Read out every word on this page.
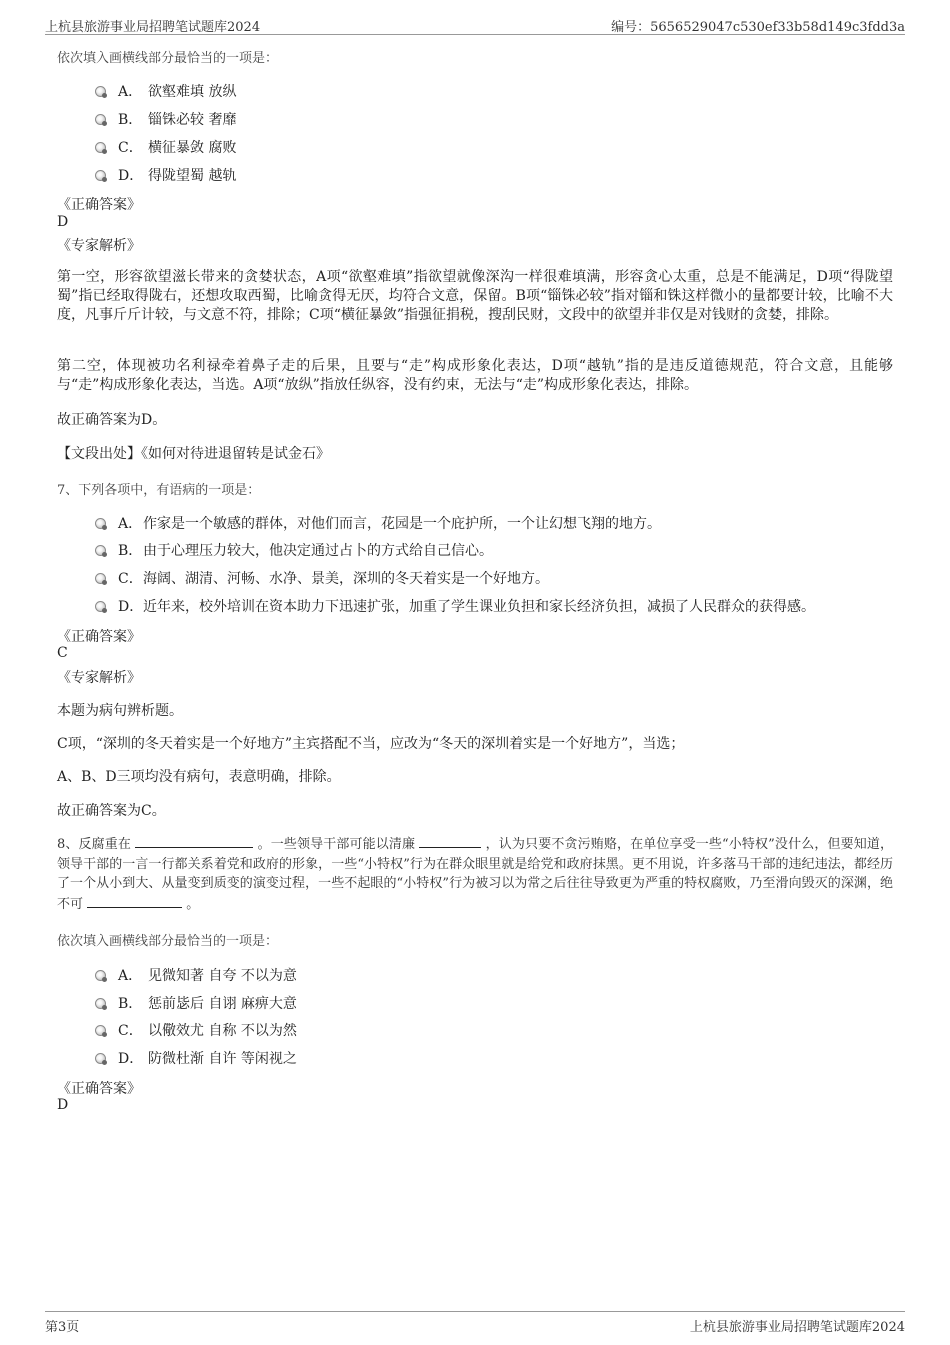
上杭县旅游事业局招聘笔试题库2024	编号：5656529047c530ef33b58d149c3fdd3a
依次填入画横线部分最恰当的一项是：
A． 欲壑难填 放纵
B． 锱铢必较 奢靡
C． 横征暴敛 腐败
D． 得陇望蜀 越轨
《正确答案》
D
《专家解析》
第一空，形容欲望滋长带来的贪婪状态，A项“欲壑难填”指欲望就像深沟一样很难填满，形容贪心太重，总是不能满足，D项“得陇望蜀”指已经取得陇右，还想攻取西蜀，比喻贪得无厌，均符合文意，保留。B项“锱铢必较”指对锱和铢这样微小的量都要计较，比喻不大度，凡事斤斤计较，与文意不符，排除；C项“横征暴敛”指强征捐税，搜刮民财，文段中的欲望并非仅是对钱财的贪婪，排除。
第二空，体现被功名利禄牵着鼻子走的后果，且要与“走”构成形象化表达，D项“越轨”指的是违反道德规范，符合文意，且能够与“走”构成形象化表达，当选。A项“放纵”指放任纵容，没有约束，无法与“走”构成形象化表达，排除。
故正确答案为D。
【文段出处】《如何对待进退留转是试金石》
7、下列各项中，有语病的一项是：
A． 作家是一个敏感的群体，对他们而言，花园是一个庇护所，一个让幻想飞翔的地方。
B． 由于心理压力较大，他决定通过占卜的方式给自己信心。
C． 海阔、湖清、河畅、水净、景美，深圳的冬天着实是一个好地方。
D． 近年来，校外培训在资本助力下迅速扩张，加重了学生课业负担和家长经济负担，减损了人民群众的获得感。
《正确答案》
C
《专家解析》
本题为病句辨析题。
C项，“深圳的冬天着实是一个好地方”主宾搭配不当，应改为“冬天的深圳着实是一个好地方”，当选；
A、B、D三项均没有病句，表意明确，排除。
故正确答案为C。
8、反腐重在	。一些领导干部可能以清廉	，认为只要不贪污贿赂，在单位享受一些“小特权”没什么，但要知道，领导干部的一言一行都关系着党和政府的形象，一些“小特权”行为在群众眼里就是给党和政府抹黑。更不用说，许多落马干部的违纪违法，都经历了一个从小到大、从量变到质变的演变过程，一些不起眼的“小特权”行为被习以为常之后往往导致更为严重的特权腐败，乃至滑向毁灭的深渊，绝不可	。
依次填入画横线部分最恰当的一项是：
A． 见微知著 自夸 不以为意
B． 惩前毖后 自诩 麻痹大意
C． 以儆效尤 自称 不以为然
D． 防微杜渐 自许 等闲视之
《正确答案》
D
第3页	上杭县旅游事业局招聘笔试题库2024
